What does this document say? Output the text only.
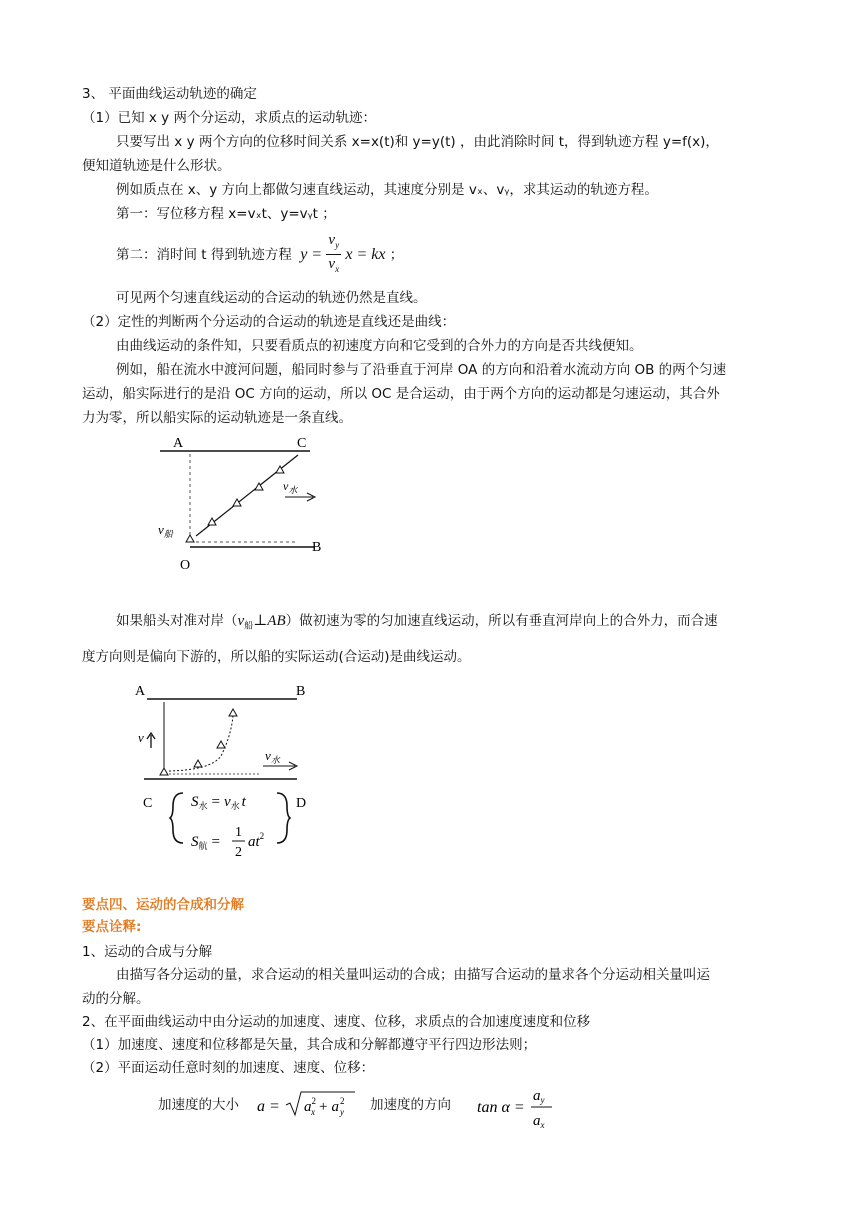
3、 平面曲线运动轨迹的确定
（1）已知 x y 两个分运动，求质点的运动轨迹：
只要写出 x y 两个方向的位移时间关系 x=x(t)和 y=y(t) ，由此消除时间 t，得到轨迹方程 y=f(x)，
便知道轨迹是什么形状。
例如质点在 x、y 方向上都做匀速直线运动，其速度分别是 vₓ、vᵧ，求其运动的轨迹方程。
第一：写位移方程 x=vₓt、y=vᵧt ；
第二：消时间 t 得到轨迹方程 $y = \frac{v_y}{v_x}$ x = kx ；
可见两个匀速直线运动的合运动的轨迹仍然是直线。
（2）定性的判断两个分运动的合运动的轨迹是直线还是曲线：
由曲线运动的条件知，只要看质点的初速度方向和它受到的合外力的方向是否共线便知。
例如，船在流水中渡河问题，船同时参与了沿垂直于河岸 OA 的方向和沿着水流动方向 OB 的两个匀速
运动，船实际进行的是沿 OC 方向的运动，所以 OC 是合运动，由于两个方向的运动都是匀速运动，其合外
力为零，所以船实际的运动轨迹是一条直线。
A	C
B
O
$v_水$
$v_船$
如果船头对准对岸$(v_船\perp AB)$做初速为零的匀加速直线运动，所以有垂直河岸向上的合外力，而合速
度方向则是偏向下游的，所以船的实际运动(合运动)是曲线运动。
A	B
C	D
v
$v_水$
$S_水 = v_水$ t
$S_航$ =
1
2
$at^2$
要点四、运动的合成和分解
要点诠释:
1、运动的合成与分解
由描写各分运动的量，求合运动的相关量叫运动的合成；由描写合运动的量求各个分运动相关量叫运
动的分解。
2、在平面曲线运动中由分运动的加速度、速度、位移，求质点的合加速度速度和位移
（1）加速度、速度和位移都是矢量，其合成和分解都遵守平行四边形法则；
（2）平面运动任意时刻的加速度、速度、位移：
加速度的大小 $a = a^2$ x + a 2
y 加速度的方向 tan α =
$a_y$
$a_x$
